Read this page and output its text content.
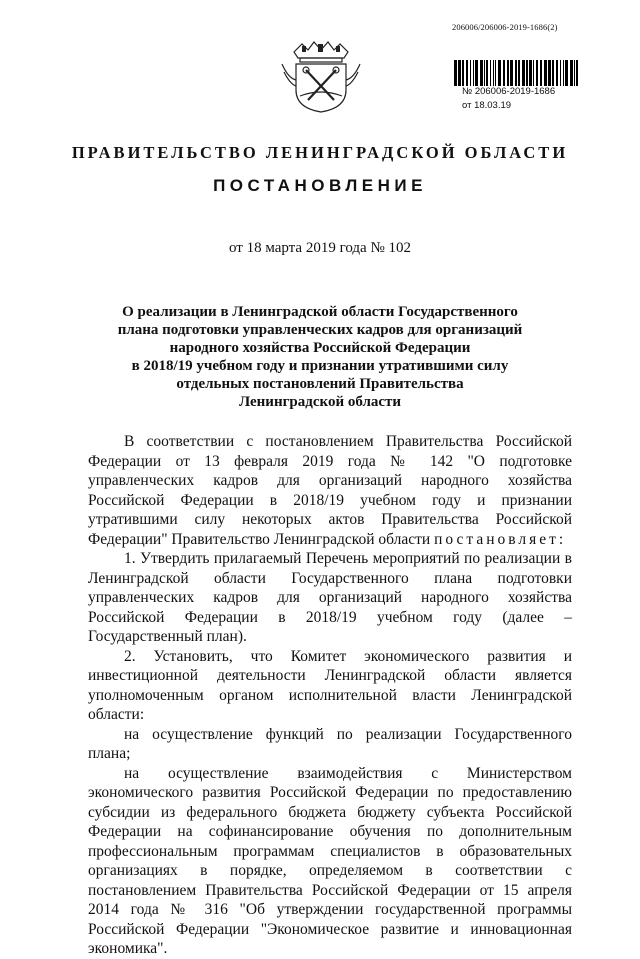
206006/206006-2019-1686(2)
№ 206006-2019-1686
от 18.03.19
ПРАВИТЕЛЬСТВО ЛЕНИНГРАДСКОЙ ОБЛАСТИ
ПОСТАНОВЛЕНИЕ
от 18 марта 2019 года № 102
О реализации в Ленинградской области Государственного
плана подготовки управленческих кадров для организаций
народного хозяйства Российской Федерации
в 2018/19 учебном году и признании утратившими силу
отдельных постановлений Правительства
Ленинградской области

В соответствии с постановлением Правительства Российской Федерации от 13 февраля 2019 года № 142 "О подготовке управленческих кадров для организаций народного хозяйства Российской Федерации в 2018/19 учебном году и признании утратившими силу некоторых актов Правительства Российской Федерации" Правительство Ленинградской области постановляет:

1. Утвердить прилагаемый Перечень мероприятий по реализации в Ленинградской области Государственного плана подготовки управленческих кадров для организаций народного хозяйства Российской Федерации в 2018/19 учебном году (далее – Государственный план).

2. Установить, что Комитет экономического развития и инвестиционной деятельности Ленинградской области является уполномоченным органом исполнительной власти Ленинградской области:

на осуществление функций по реализации Государственного плана;

на осуществление взаимодействия с Министерством экономического развития Российской Федерации по предоставлению субсидии из федерального бюджета бюджету субъекта Российской Федерации на софинансирование обучения по дополнительным профессиональным программам специалистов в образовательных организациях в порядке, определяемом в соответствии с постановлением Правительства Российской Федерации от 15 апреля 2014 года № 316 "Об утверждении государственной программы Российской Федерации "Экономическое развитие и инновационная экономика".
